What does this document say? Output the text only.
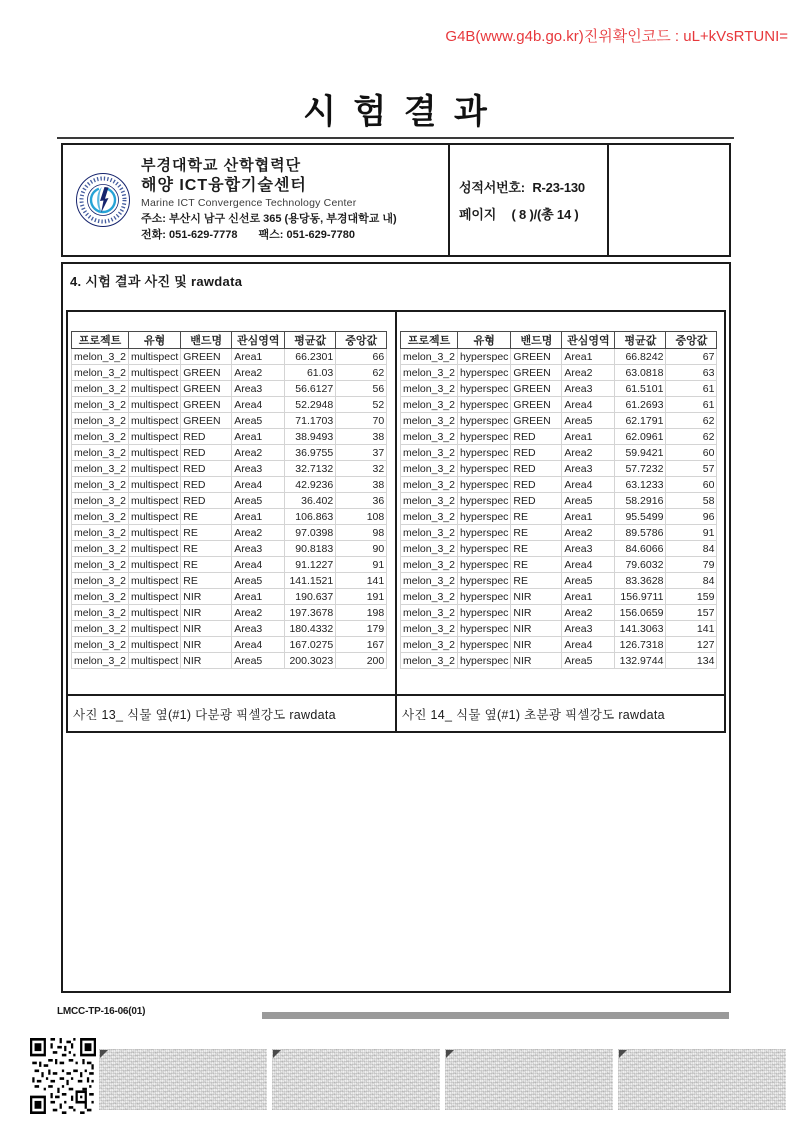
G4B(www.g4b.go.kr)진위확인코드 : uL+kVsRTUNI=
시 험 결 과
부경대학교 산학협력단
해양 ICT융합기술센터
Marine ICT Convergence Technology Center
주소: 부산시 남구 신선로 365 (용당동, 부경대학교 내)
전화: 051-629-7778 팩스: 051-629-7780
성적서번호: R-23-130
페이지 ( 8 )/(총 14 )
4. 시험 결과 사진 및 rawdata
프로젝트	유형	밴드명	관심영역	평균값	중앙값
melon_3_2	multispect	GREEN	Area1	66.2301	66
melon_3_2	multispect	GREEN	Area2	61.03	62
melon_3_2	multispect	GREEN	Area3	56.6127	56
melon_3_2	multispect	GREEN	Area4	52.2948	52
melon_3_2	multispect	GREEN	Area5	71.1703	70
melon_3_2	multispect	RED	Area1	38.9493	38
melon_3_2	multispect	RED	Area2	36.9755	37
melon_3_2	multispect	RED	Area3	32.7132	32
melon_3_2	multispect	RED	Area4	42.9236	38
melon_3_2	multispect	RED	Area5	36.402	36
melon_3_2	multispect	RE	Area1	106.863	108
melon_3_2	multispect	RE	Area2	97.0398	98
melon_3_2	multispect	RE	Area3	90.8183	90
melon_3_2	multispect	RE	Area4	91.1227	91
melon_3_2	multispect	RE	Area5	141.1521	141
melon_3_2	multispect	NIR	Area1	190.637	191
melon_3_2	multispect	NIR	Area2	197.3678	198
melon_3_2	multispect	NIR	Area3	180.4332	179
melon_3_2	multispect	NIR	Area4	167.0275	167
melon_3_2	multispect	NIR	Area5	200.3023	200
사진 13_ 식물 옆(#1) 다분광 픽셀강도 rawdata
프로젝트	유형	밴드명	관심영역	평균값	중앙값
melon_3_2	hyperspec	GREEN	Area1	66.8242	67
melon_3_2	hyperspec	GREEN	Area2	63.0818	63
melon_3_2	hyperspec	GREEN	Area3	61.5101	61
melon_3_2	hyperspec	GREEN	Area4	61.2693	61
melon_3_2	hyperspec	GREEN	Area5	62.1791	62
melon_3_2	hyperspec	RED	Area1	62.0961	62
melon_3_2	hyperspec	RED	Area2	59.9421	60
melon_3_2	hyperspec	RED	Area3	57.7232	57
melon_3_2	hyperspec	RED	Area4	63.1233	60
melon_3_2	hyperspec	RED	Area5	58.2916	58
melon_3_2	hyperspec	RE	Area1	95.5499	96
melon_3_2	hyperspec	RE	Area2	89.5786	91
melon_3_2	hyperspec	RE	Area3	84.6066	84
melon_3_2	hyperspec	RE	Area4	79.6032	79
melon_3_2	hyperspec	RE	Area5	83.3628	84
melon_3_2	hyperspec	NIR	Area1	156.9711	159
melon_3_2	hyperspec	NIR	Area2	156.0659	157
melon_3_2	hyperspec	NIR	Area3	141.3063	141
melon_3_2	hyperspec	NIR	Area4	126.7318	127
melon_3_2	hyperspec	NIR	Area5	132.9744	134
사진 14_ 식물 옆(#1) 초분광 픽셀강도 rawdata
LMCC-TP-16-06(01)
